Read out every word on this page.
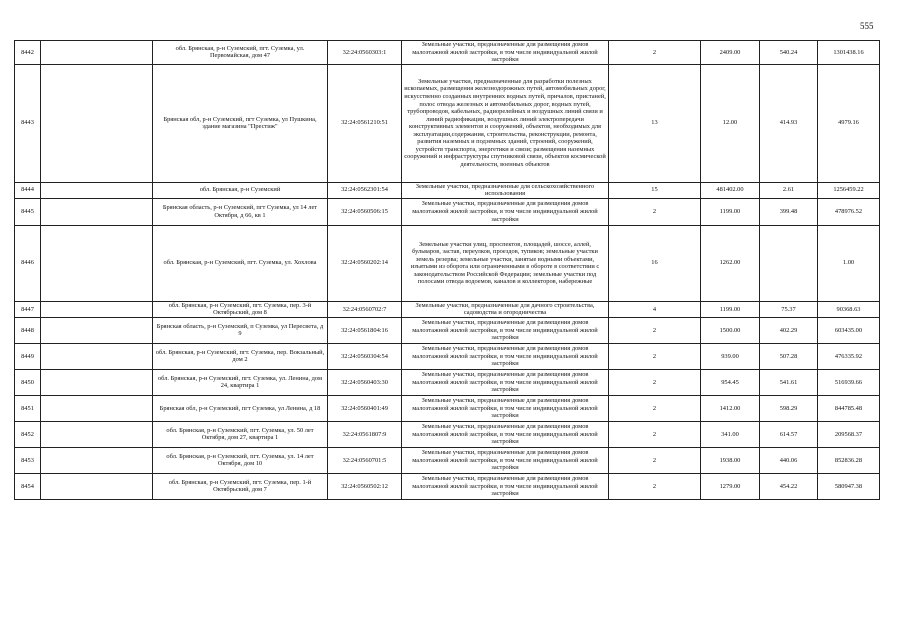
555
8442		обл. Брянская, р-н Суземский, пгт. Суземка, ул. Первомайская, дом 47	32:24:0560303:1	Земельные участки, предназначенные для размещения домов малоэтажной жилой застройки, в том числе индивидуальной жилой застройки	2	2409.00	540.24	1301438.16
8443		Брянская обл, р-н Суземский, пгт Суземка, ул Пушкина, здание магазина "Престиж"	32:24:0561210:51	Земельные участки, предназначенные для разработки полезных ископаемых, размещения железнодорожных путей, автомобильных дорог, искусственно созданных внутренних водных путей, причалов, пристаней, полос отвода железных и автомобильных дорог, водных путей, трубопроводов, кабельных, радиорелейных и воздушных линий связи и линий радиофикации, воздушных линий электропередачи конструктивных элементов и сооружений, объектов, необходимых для эксплуатации,содержания, строительства, реконструкции, ремонта, развития наземных и подземных зданий, строений, сооружений, устройств транспорта, энергетики и связи; размещения наземных сооружений и инфраструктуры спутниковой связи, объектов космической деятельности, военных объектов	13	12.00	414.93	4979.16
8444		обл. Брянская, р-н Суземский	32:24:0562301:54	Земельные участки, предназначенные для сельскохозяйственного использования	15	481402.00	2.61	1256459.22
8445		Брянская область, р-н Суземский, пгт Суземка, ул 14 лет Октября, д 66, кв 1	32:24:0560506:15	Земельные участки, предназначенные для размещения домов малоэтажной жилой застройки, в том числе индивидуальной жилой застройки	2	1199.00	399.48	478976.52
8446		обл. Брянская, р-н Суземский, пгт. Суземка, ул. Хохлова	32:24:0560202:14	Земельные участки улиц, проспектов, площадей, шоссе, аллей, бульваров, застав, переулков, проездов, тупиков; земельные участки земель резерва; земельные участки, занятые водными объектами, изъятыми из оборота или ограниченными в обороте в соответствии с законодательством Российской Федерации; земельные участки под полосами отвода водоемов, каналов и коллекторов, набережные	16	1262.00		1.00
8447		обл. Брянская, р-н Суземский, пгт. Суземка, пер. 3-й Октябрьский, дом 8	32:24:0560702:7	Земельные участки, предназначенные для дачного строительства, садоводства и огородничества	4	1199.00	75.37	90368.63
8448		Брянская область, р-н Суземский, п Суземка, ул Пересвета, д 9	32:24:0561804:16	Земельные участки, предназначенные для размещения домов малоэтажной жилой застройки, в том числе индивидуальной жилой застройки	2	1500.00	402.29	603435.00
8449		обл. Брянская, р-н Суземский, пгт. Суземка, пер. Вокзальный, дом 2	32:24:0560304:54	Земельные участки, предназначенные для размещения домов малоэтажной жилой застройки, в том числе индивидуальной жилой застройки	2	939.00	507.28	476335.92
8450		обл. Брянская, р-н Суземский, пгт. Суземка, ул. Ленина, дом 24, квартира 1	32:24:0560403:30	Земельные участки, предназначенные для размещения домов малоэтажной жилой застройки, в том числе индивидуальной жилой застройки	2	954.45	541.61	516939.66
8451		Брянская обл, р-н Суземский, пгт Суземка, ул Ленина, д 18	32:24:0560401:49	Земельные участки, предназначенные для размещения домов малоэтажной жилой застройки, в том числе индивидуальной жилой застройки	2	1412.00	598.29	844785.48
8452		обл. Брянская, р-н Суземский, пгт. Суземка, ул. 50 лет Октября, дом 27, квартира 1	32:24:0561807:9	Земельные участки, предназначенные для размещения домов малоэтажной жилой застройки, в том числе индивидуальной жилой застройки	2	341.00	614.57	209568.37
8453		обл. Брянская, р-н Суземский, пгт. Суземка, ул. 14 лет Октября, дом 10	32:24:0560701:5	Земельные участки, предназначенные для размещения домов малоэтажной жилой застройки, в том числе индивидуальной жилой застройки	2	1938.00	440.06	852836.28
8454		обл. Брянская, р-н Суземский, пгт. Суземка, пер. 1-й Октябрьский, дом 7	32:24:0560502:12	Земельные участки, предназначенные для размещения домов малоэтажной жилой застройки, в том числе индивидуальной жилой застройки	2	1279.00	454.22	580947.38
